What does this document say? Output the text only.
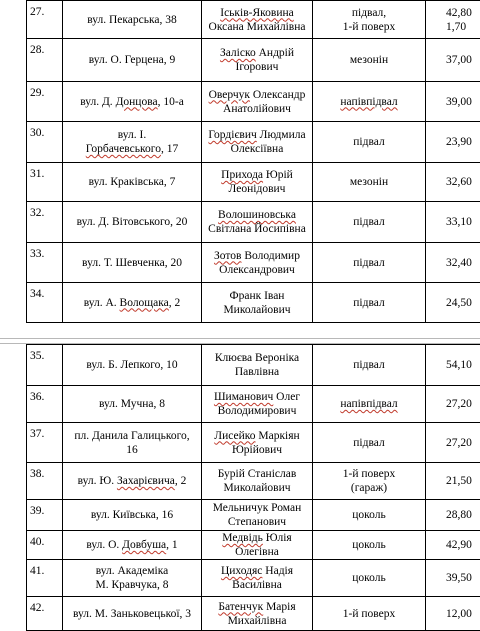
27.	вул. Пекарська, 38	Іськів-Яковина
Оксана Михайлівна	підвал,
1-й поверх	42,80
1,70

28.	вул. О. Герцена, 9	Заліско Андрій
Ігорович	мезонін	37,00

29.	вул. Д. Донцова, 10-а	Оверчук Олександр
Анатолійович	напівпідвал	39,00

30.	вул. І.
Горбачевського, 17	Гордієвич Людмила
Олексіївна	підвал	23,90

31.	вул. Краківська, 7	Прихода Юрій
Леонідович	мезонін	32,60

32.	вул. Д. Вітовського, 20	Волошиновська
Світлана Йосипівна	підвал	33,10

33.	вул. Т. Шевченка, 20	Зотов Володимир
Олександрович	підвал	32,40

34.	вул. А. Волощака, 2	Франк Іван
Миколайович	підвал	24,50
35.	вул. Б. Лепкого, 10	Клюєва Вероніка
Павлівна	підвал	54,10

36.	вул. Мучна, 8	Шиманович Олег
Володимирович	напівпідвал	27,20

37.	пл. Данила Галицького,
16	Лисейко Маркіян
Юрійович	підвал	27,20

38.	вул. Ю. Захарієвича, 2	Бурій Станіслав
Миколайович	1-й поверх
(гараж)	21,50

39.	вул. Київська, 16	Мельничук Роман
Степанович	цоколь	28,80

40.	вул. О. Довбуша, 1	Медвідь Юлія
Олегівна	цоколь	42,90

41.	вул. Академіка
М. Кравчука, 8	Циходяс Надія
Василівна	цоколь	39,50

42.	вул. М. Заньковецької, 3	Батенчук Марія
Михайлівна	1-й поверх	12,00
